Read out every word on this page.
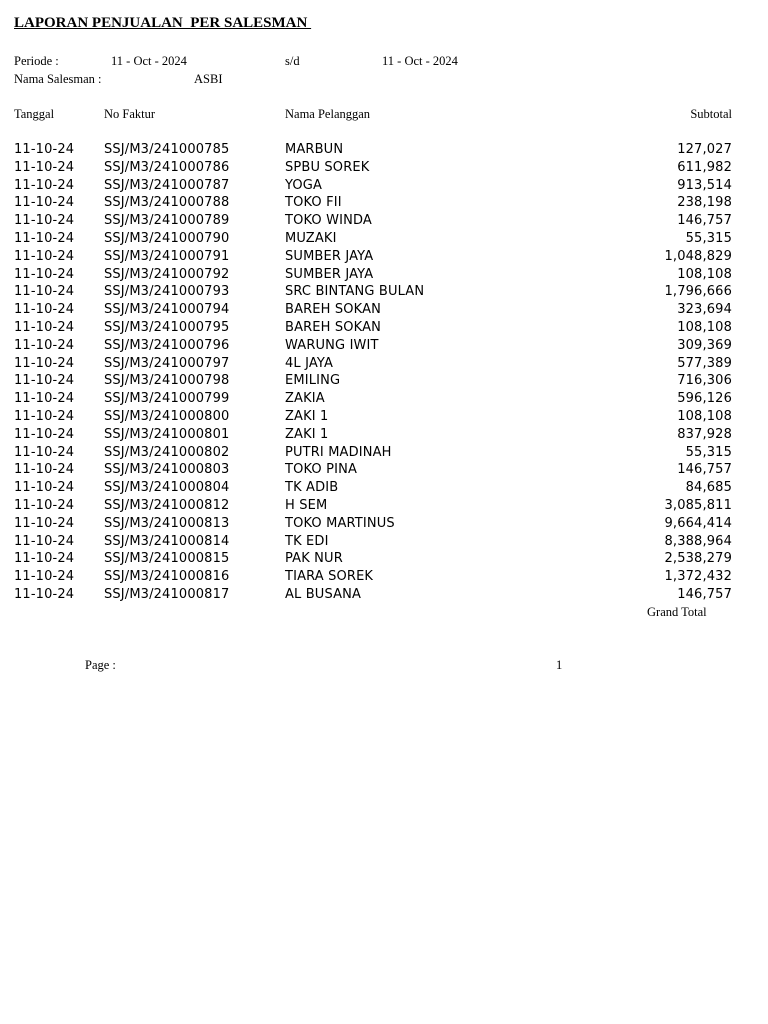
LAPORAN PENJUALAN  PER SALESMAN
Periode :	11 - Oct - 2024	s/d	11 - Oct - 2024
Nama Salesman :	ASBI
Tanggal	No Faktur	Nama Pelanggan	Subtotal
11-10-24 SSJ/M3/241000785	MARBUN	127,027
11-10-24 SSJ/M3/241000786	SPBU SOREK	611,982
11-10-24 SSJ/M3/241000787	YOGA	913,514
11-10-24 SSJ/M3/241000788	TOKO FII	238,198
11-10-24 SSJ/M3/241000789	TOKO WINDA	146,757
11-10-24 SSJ/M3/241000790	MUZAKI	55,315
11-10-24 SSJ/M3/241000791	SUMBER JAYA	1,048,829
11-10-24 SSJ/M3/241000792	SUMBER JAYA	108,108
11-10-24 SSJ/M3/241000793	SRC BINTANG BULAN	1,796,666
11-10-24 SSJ/M3/241000794	BAREH SOKAN	323,694
11-10-24 SSJ/M3/241000795	BAREH SOKAN	108,108
11-10-24 SSJ/M3/241000796	WARUNG IWIT	309,369
11-10-24 SSJ/M3/241000797	4L JAYA	577,389
11-10-24 SSJ/M3/241000798	EMILING	716,306
11-10-24 SSJ/M3/241000799	ZAKIA	596,126
11-10-24 SSJ/M3/241000800	ZAKI 1	108,108
11-10-24 SSJ/M3/241000801	ZAKI 1	837,928
11-10-24 SSJ/M3/241000802	PUTRI MADINAH	55,315
11-10-24 SSJ/M3/241000803	TOKO PINA	146,757
11-10-24 SSJ/M3/241000804	TK ADIB	84,685
11-10-24 SSJ/M3/241000812	H SEM	3,085,811
11-10-24 SSJ/M3/241000813	TOKO MARTINUS	9,664,414
11-10-24 SSJ/M3/241000814	TK EDI	8,388,964
11-10-24 SSJ/M3/241000815	PAK NUR	2,538,279
11-10-24 SSJ/M3/241000816	TIARA SOREK	1,372,432
11-10-24 SSJ/M3/241000817	AL BUSANA	146,757
Grand Total
Page :	1
